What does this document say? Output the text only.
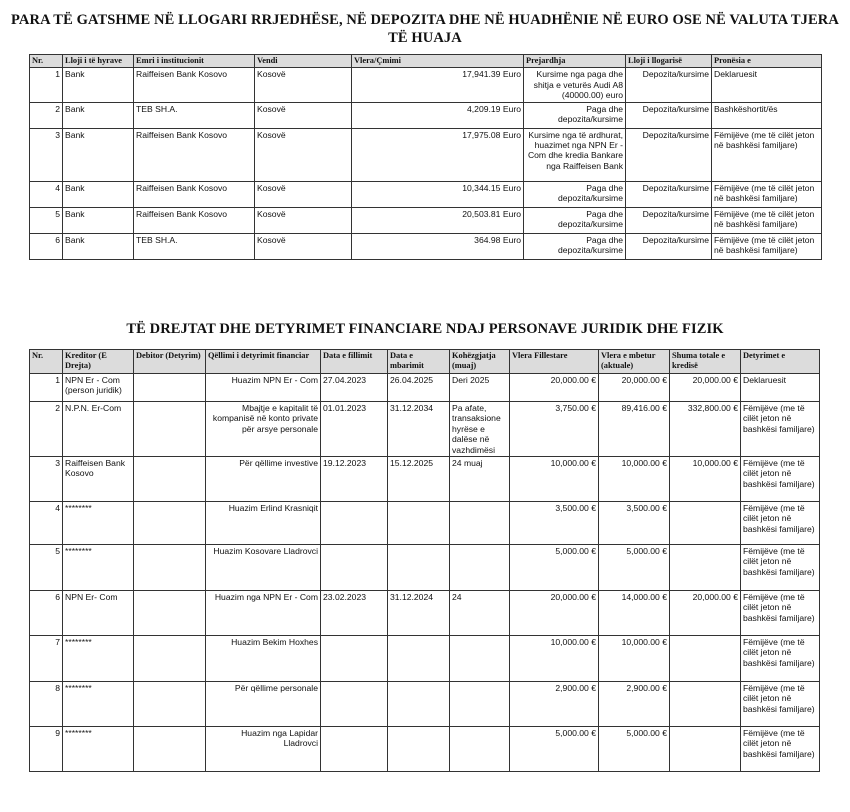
PARA TË GATSHME NË LLOGARI RRJEDHËSE, NË DEPOZITA DHE NË HUADHËNIE NË EURO OSE NË VALUTA TJERA TË HUAJA
Nr.	Lloji i të hyrave	Emri i institucionit	Vendi	Vlera/Çmimi	Prejardhja	Lloji i llogarisë	Pronësia e
1	Bank	Raiffeisen Bank Kosovo	Kosovë	17,941.39 Euro	Kursime nga paga dhe shitja e veturës Audi A8 (40000.00) euro	Depozita/kursime	Deklaruesit
2	Bank	TEB SH.A.	Kosovë	4,209.19 Euro	Paga dhe depozita/kursime	Depozita/kursime	Bashkëshortit/ës
3	Bank	Raiffeisen Bank Kosovo	Kosovë	17,975.08 Euro	Kursime nga të ardhurat, huazimet nga NPN Er - Com dhe kredia Bankare nga Raiffeisen Bank	Depozita/kursime	Fëmijëve (me të cilët jeton në bashkësi familjare)
4	Bank	Raiffeisen Bank Kosovo	Kosovë	10,344.15 Euro	Paga dhe depozita/kursime	Depozita/kursime	Fëmijëve (me të cilët jeton në bashkësi familjare)
5	Bank	Raiffeisen Bank Kosovo	Kosovë	20,503.81 Euro	Paga dhe depozita/kursime	Depozita/kursime	Fëmijëve (me të cilët jeton në bashkësi familjare)
6	Bank	TEB SH.A.	Kosovë	364.98 Euro	Paga dhe depozita/kursime	Depozita/kursime	Fëmijëve (me të cilët jeton në bashkësi familjare)
TË DREJTAT DHE DETYRIMET FINANCIARE NDAJ PERSONAVE JURIDIK DHE FIZIK
Nr.	Kreditor (E Drejta)	Debitor (Detyrim)	Qëllimi i detyrimit financiar	Data e fillimit	Data e mbarimit	Kohëzgjatja (muaj)	Vlera Fillestare	Vlera e mbetur (aktuale)	Shuma totale e kredisë	Detyrimet e
1	NPN Er - Com (person juridik)		Huazim NPN Er - Com	27.04.2023	26.04.2025	Deri 2025	20,000.00 €	20,000.00 €	20,000.00 €	Deklaruesit
2	N.P.N. Er-Com		Mbajtje e kapitalit të kompanisë në konto private për arsye personale	01.01.2023	31.12.2034	Pa afate, transaksione hyrëse e dalëse në vazhdimësi	3,750.00 €	89,416.00 €	332,800.00 €	Fëmijëve (me të cilët jeton në bashkësi familjare)
3	Raiffeisen Bank Kosovo		Për qëllime investive	19.12.2023	15.12.2025	24 muaj	10,000.00 €	10,000.00 €	10,000.00 €	Fëmijëve (me të cilët jeton në bashkësi familjare)
4	********		Huazim Erlind Krasniqit				3,500.00 €	3,500.00 €		Fëmijëve (me të cilët jeton në bashkësi familjare)
5	********		Huazim Kosovare Lladrovci				5,000.00 €	5,000.00 €		Fëmijëve (me të cilët jeton në bashkësi familjare)
6	NPN Er- Com		Huazim nga NPN Er - Com	23.02.2023	31.12.2024	24	20,000.00 €	14,000.00 €	20,000.00 €	Fëmijëve (me të cilët jeton në bashkësi familjare)
7	********		Huazim Bekim Hoxhes				10,000.00 €	10,000.00 €		Fëmijëve (me të cilët jeton në bashkësi familjare)
8	********		Për qëllime personale				2,900.00 €	2,900.00 €		Fëmijëve (me të cilët jeton në bashkësi familjare)
9	********		Huazim nga Lapidar Lladrovci				5,000.00 €	5,000.00 €		Fëmijëve (me të cilët jeton në bashkësi familjare)
